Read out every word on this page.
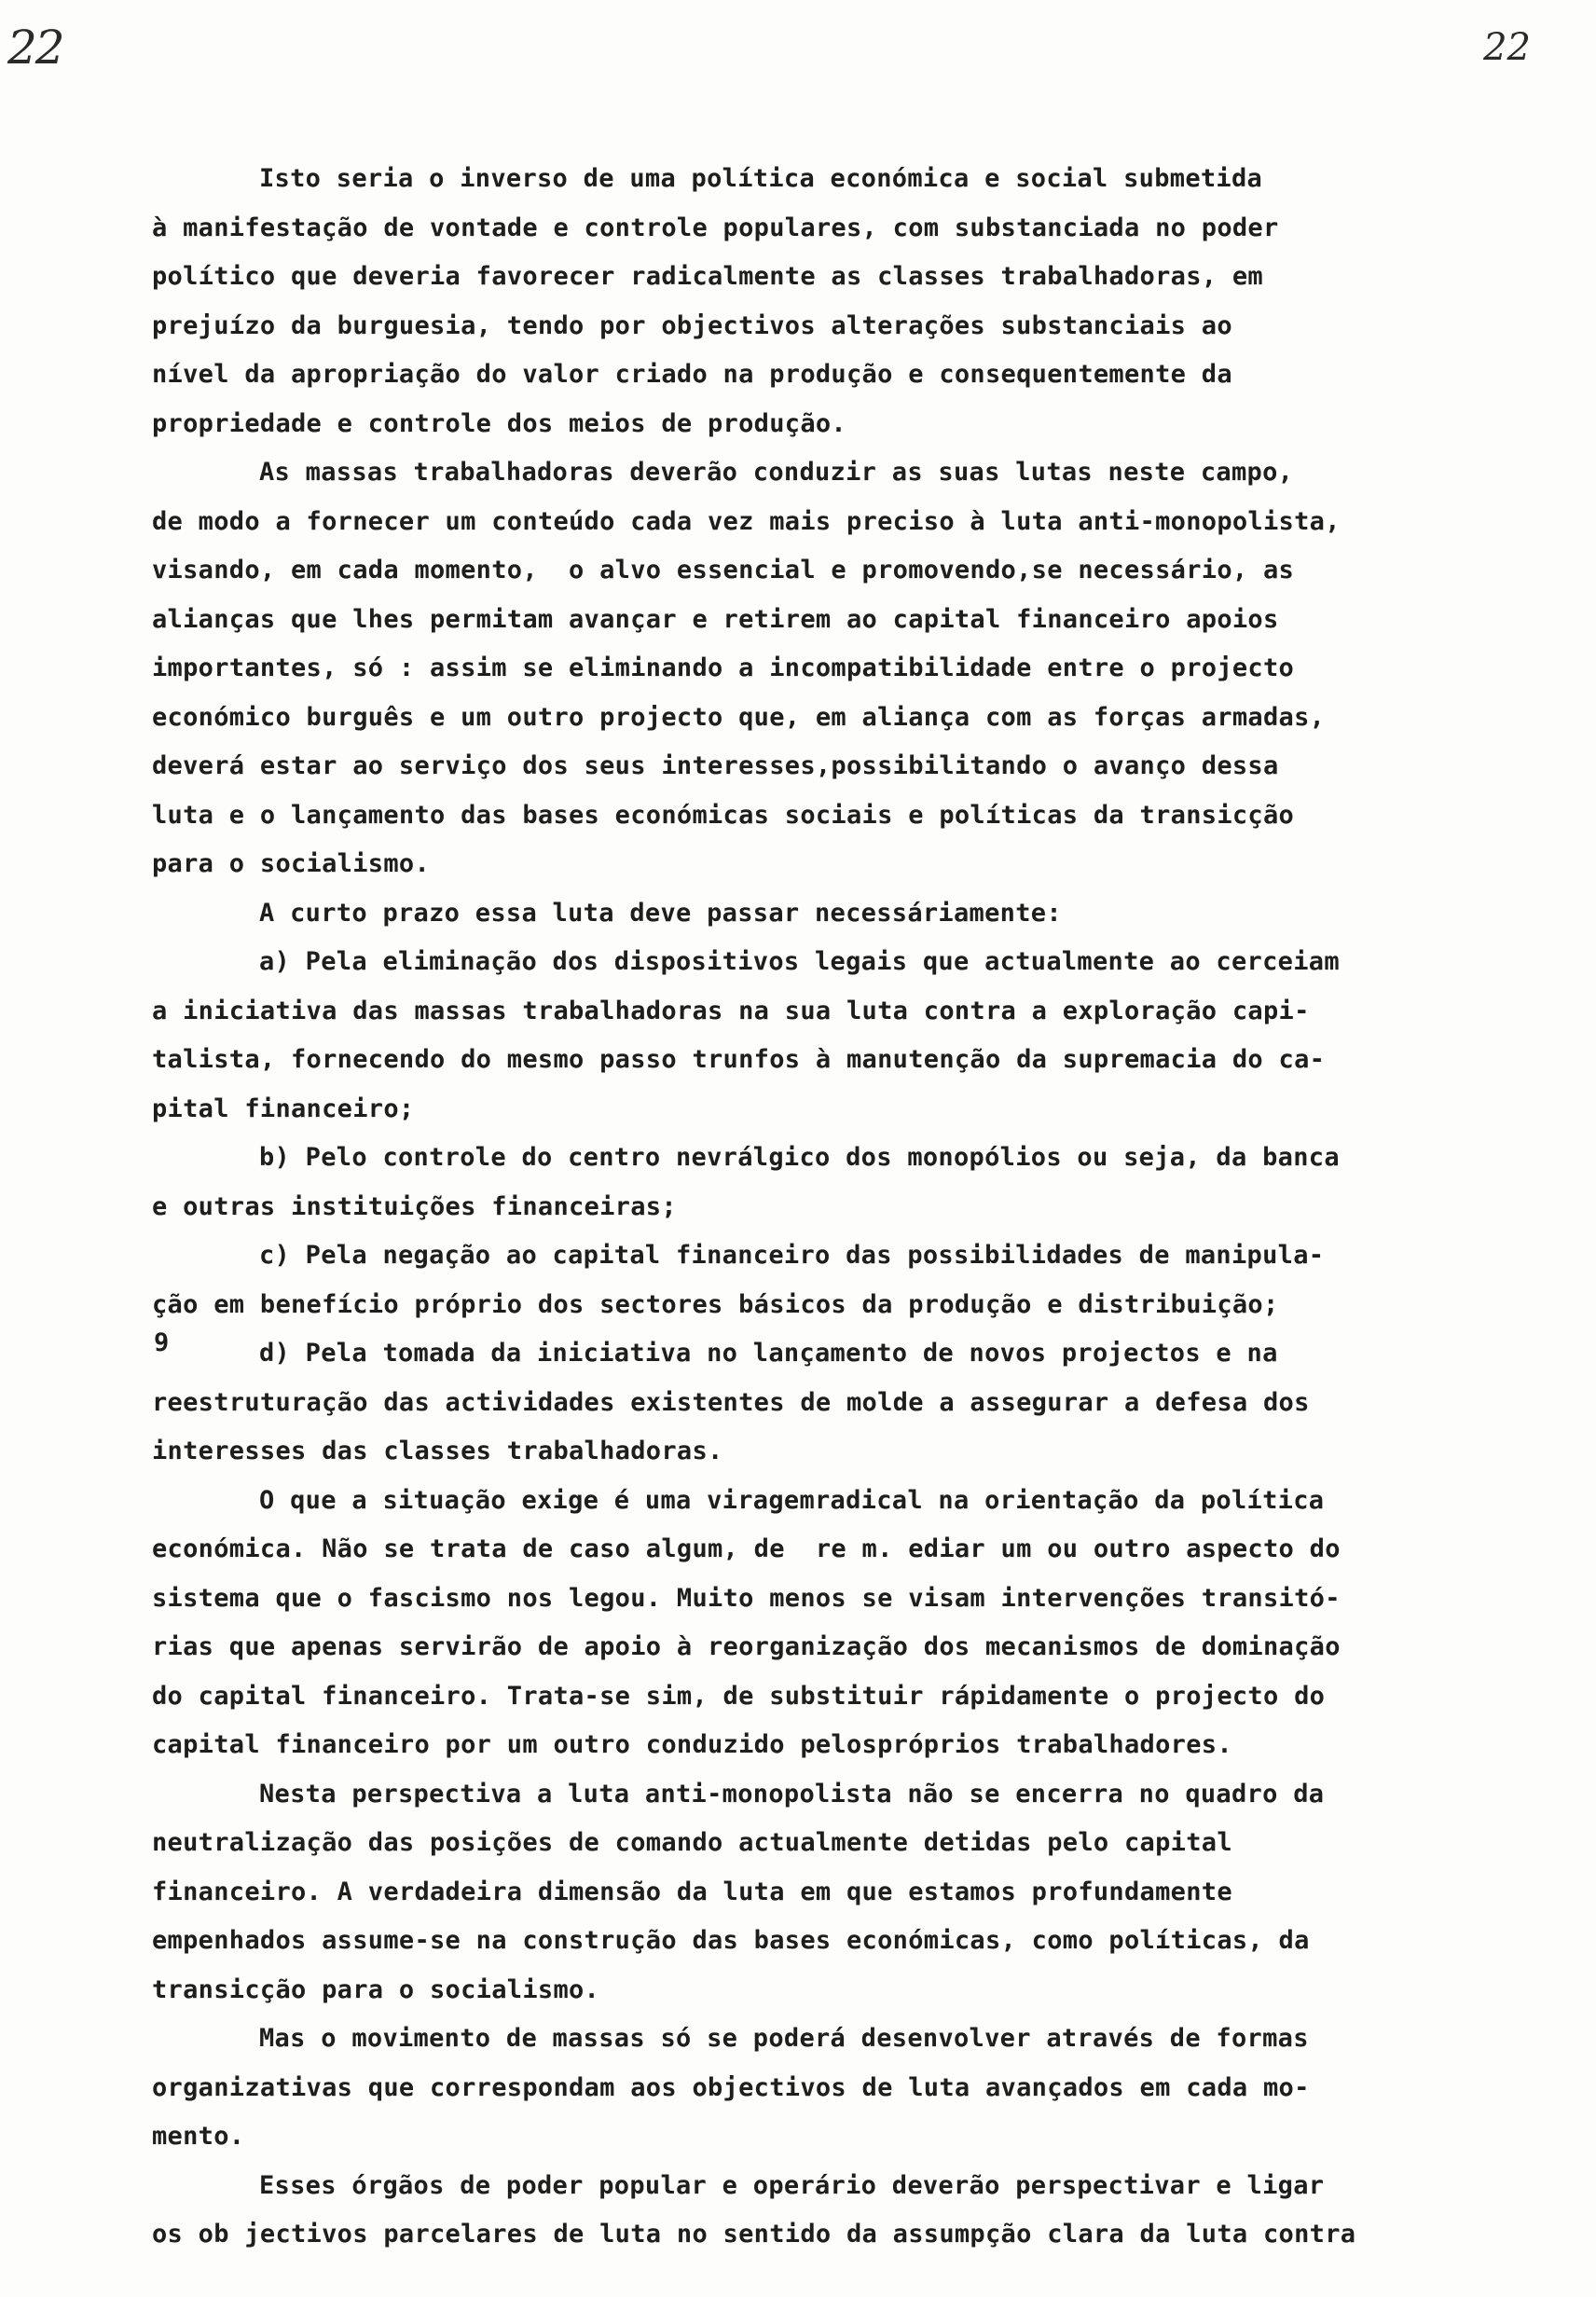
22	22
9
Isto seria o inverso de uma política económica e social submetida
à manifestação de vontade e controle populares, com substanciada no poder
político que deveria favorecer radicalmente as classes trabalhadoras, em
prejuízo da burguesia, tendo por objectivos alterações substanciais ao
nível da apropriação do valor criado na produção e consequentemente da
propriedade e controle dos meios de produção.
As massas trabalhadoras deverão conduzir as suas lutas neste campo,
de modo a fornecer um conteúdo cada vez mais preciso à luta anti-monopolista,
visando, em cada momento,  o alvo essencial e promovendo,se necessário, as
alianças que lhes permitam avançar e retirem ao capital financeiro apoios
importantes, só : assim se eliminando a incompatibilidade entre o projecto
económico burguês e um outro projecto que, em aliança com as forças armadas,
deverá estar ao serviço dos seus interesses,possibilitando o avanço dessa
luta e o lançamento das bases económicas sociais e políticas da transicção
para o socialismo.
A curto prazo essa luta deve passar necessáriamente:
a) Pela eliminação dos dispositivos legais que actualmente ao cerceiam
a iniciativa das massas trabalhadoras na sua luta contra a exploração capi-
talista, fornecendo do mesmo passo trunfos à manutenção da supremacia do ca-
pital financeiro;
b) Pelo controle do centro nevrálgico dos monopólios ou seja, da banca
e outras instituições financeiras;
c) Pela negação ao capital financeiro das possibilidades de manipula-
ção em benefício próprio dos sectores básicos da produção e distribuição;
d) Pela tomada da iniciativa no lançamento de novos projectos e na
reestruturação das actividades existentes de molde a assegurar a defesa dos
interesses das classes trabalhadoras.
O que a situação exige é uma viragemradical na orientação da política
económica. Não se trata de caso algum, de  re m. ediar um ou outro aspecto do
sistema que o fascismo nos legou. Muito menos se visam intervenções transitó-
rias que apenas servirão de apoio à reorganização dos mecanismos de dominação
do capital financeiro. Trata-se sim, de substituir rápidamente o projecto do
capital financeiro por um outro conduzido pelospróprios trabalhadores.
Nesta perspectiva a luta anti-monopolista não se encerra no quadro da
neutralização das posições de comando actualmente detidas pelo capital
financeiro. A verdadeira dimensão da luta em que estamos profundamente
empenhados assume-se na construção das bases económicas, como políticas, da
transicção para o socialismo.
Mas o movimento de massas só se poderá desenvolver através de formas
organizativas que correspondam aos objectivos de luta avançados em cada mo-
mento.
Esses órgãos de poder popular e operário deverão perspectivar e ligar
os ob jectivos parcelares de luta no sentido da assumpção clara da luta contra
